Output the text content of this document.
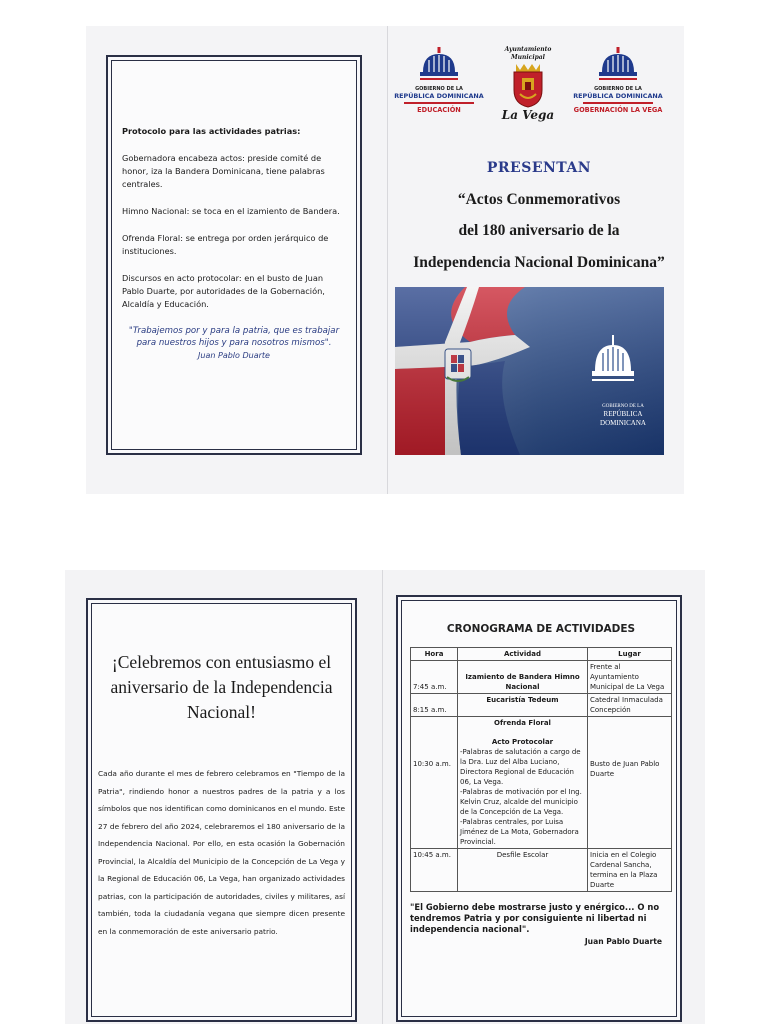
Protocolo para las actividades patrias:

Gobernadora encabeza actos: preside comité de honor, iza la Bandera Dominicana, tiene palabras centrales.

Himno Nacional: se toca en el izamiento de Bandera.

Ofrenda Floral: se entrega por orden jerárquico de instituciones.

Discursos en acto protocolar: en el busto de Juan Pablo Duarte, por autoridades de la Gobernación, Alcaldía y Educación.

"Trabajemos por y para la patria, que es trabajar para nuestros hijos y para nosotros mismos".

Juan Pablo Duarte
GOBIERNO DE LA
REPÚBLICA DOMINICANA
EDUCACIÓN
Ayuntamiento Municipal
La Vega
GOBIERNO DE LA
REPÚBLICA DOMINICANA
GOBERNACIÓN LA VEGA
PRESENTAN
“Actos Conmemorativos
del 180 aniversario de la
Independencia Nacional Dominicana”
GOBIERNO DE LA
REPÚBLICA DOMINICANA
¡Celebremos con entusiasmo el aniversario de la Independencia Nacional!

Cada año durante el mes de febrero celebramos en "Tiempo de la Patria", rindiendo honor a nuestros padres de la patria y a los símbolos que nos identifican como dominicanos en el mundo. Este 27 de febrero del año 2024, celebraremos el 180 aniversario de la Independencia Nacional. Por ello, en esta ocasión la Gobernación Provincial, la Alcaldía del Municipio de la Concepción de La Vega y la Regional de Educación 06, La Vega, han organizado actividades patrias, con la participación de autoridades, civiles y militares, así también, toda la ciudadanía vegana que siempre dicen presente en la conmemoración de este aniversario patrio.

CRONOGRAMA DE ACTIVIDADES
Hora	Actividad	Lugar
7:45 a.m.	Izamiento de Bandera Himno Nacional	Frente al Ayuntamiento Municipal de La Vega
8:15 a.m.	Eucaristía Tedeum	Catedral Inmaculada Concepción
10:30 a.m.	Ofrenda Floral
Acto Protocolar
-Palabras de salutación a cargo de la Dra. Luz del Alba Luciano, Directora Regional de Educación 06, La Vega.
-Palabras de motivación por el Ing. Kelvin Cruz, alcalde del municipio de la Concepción de La Vega.
-Palabras centrales, por Luisa Jiménez de La Mota, Gobernadora Provincial.	Busto de Juan Pablo Duarte
10:45 a.m.	Desfile Escolar	Inicia en el Colegio Cardenal Sancha, termina en la Plaza Duarte

"El Gobierno debe mostrarse justo y enérgico... O no tendremos Patria y por consiguiente ni libertad ni independencia nacional".

Juan Pablo Duarte
